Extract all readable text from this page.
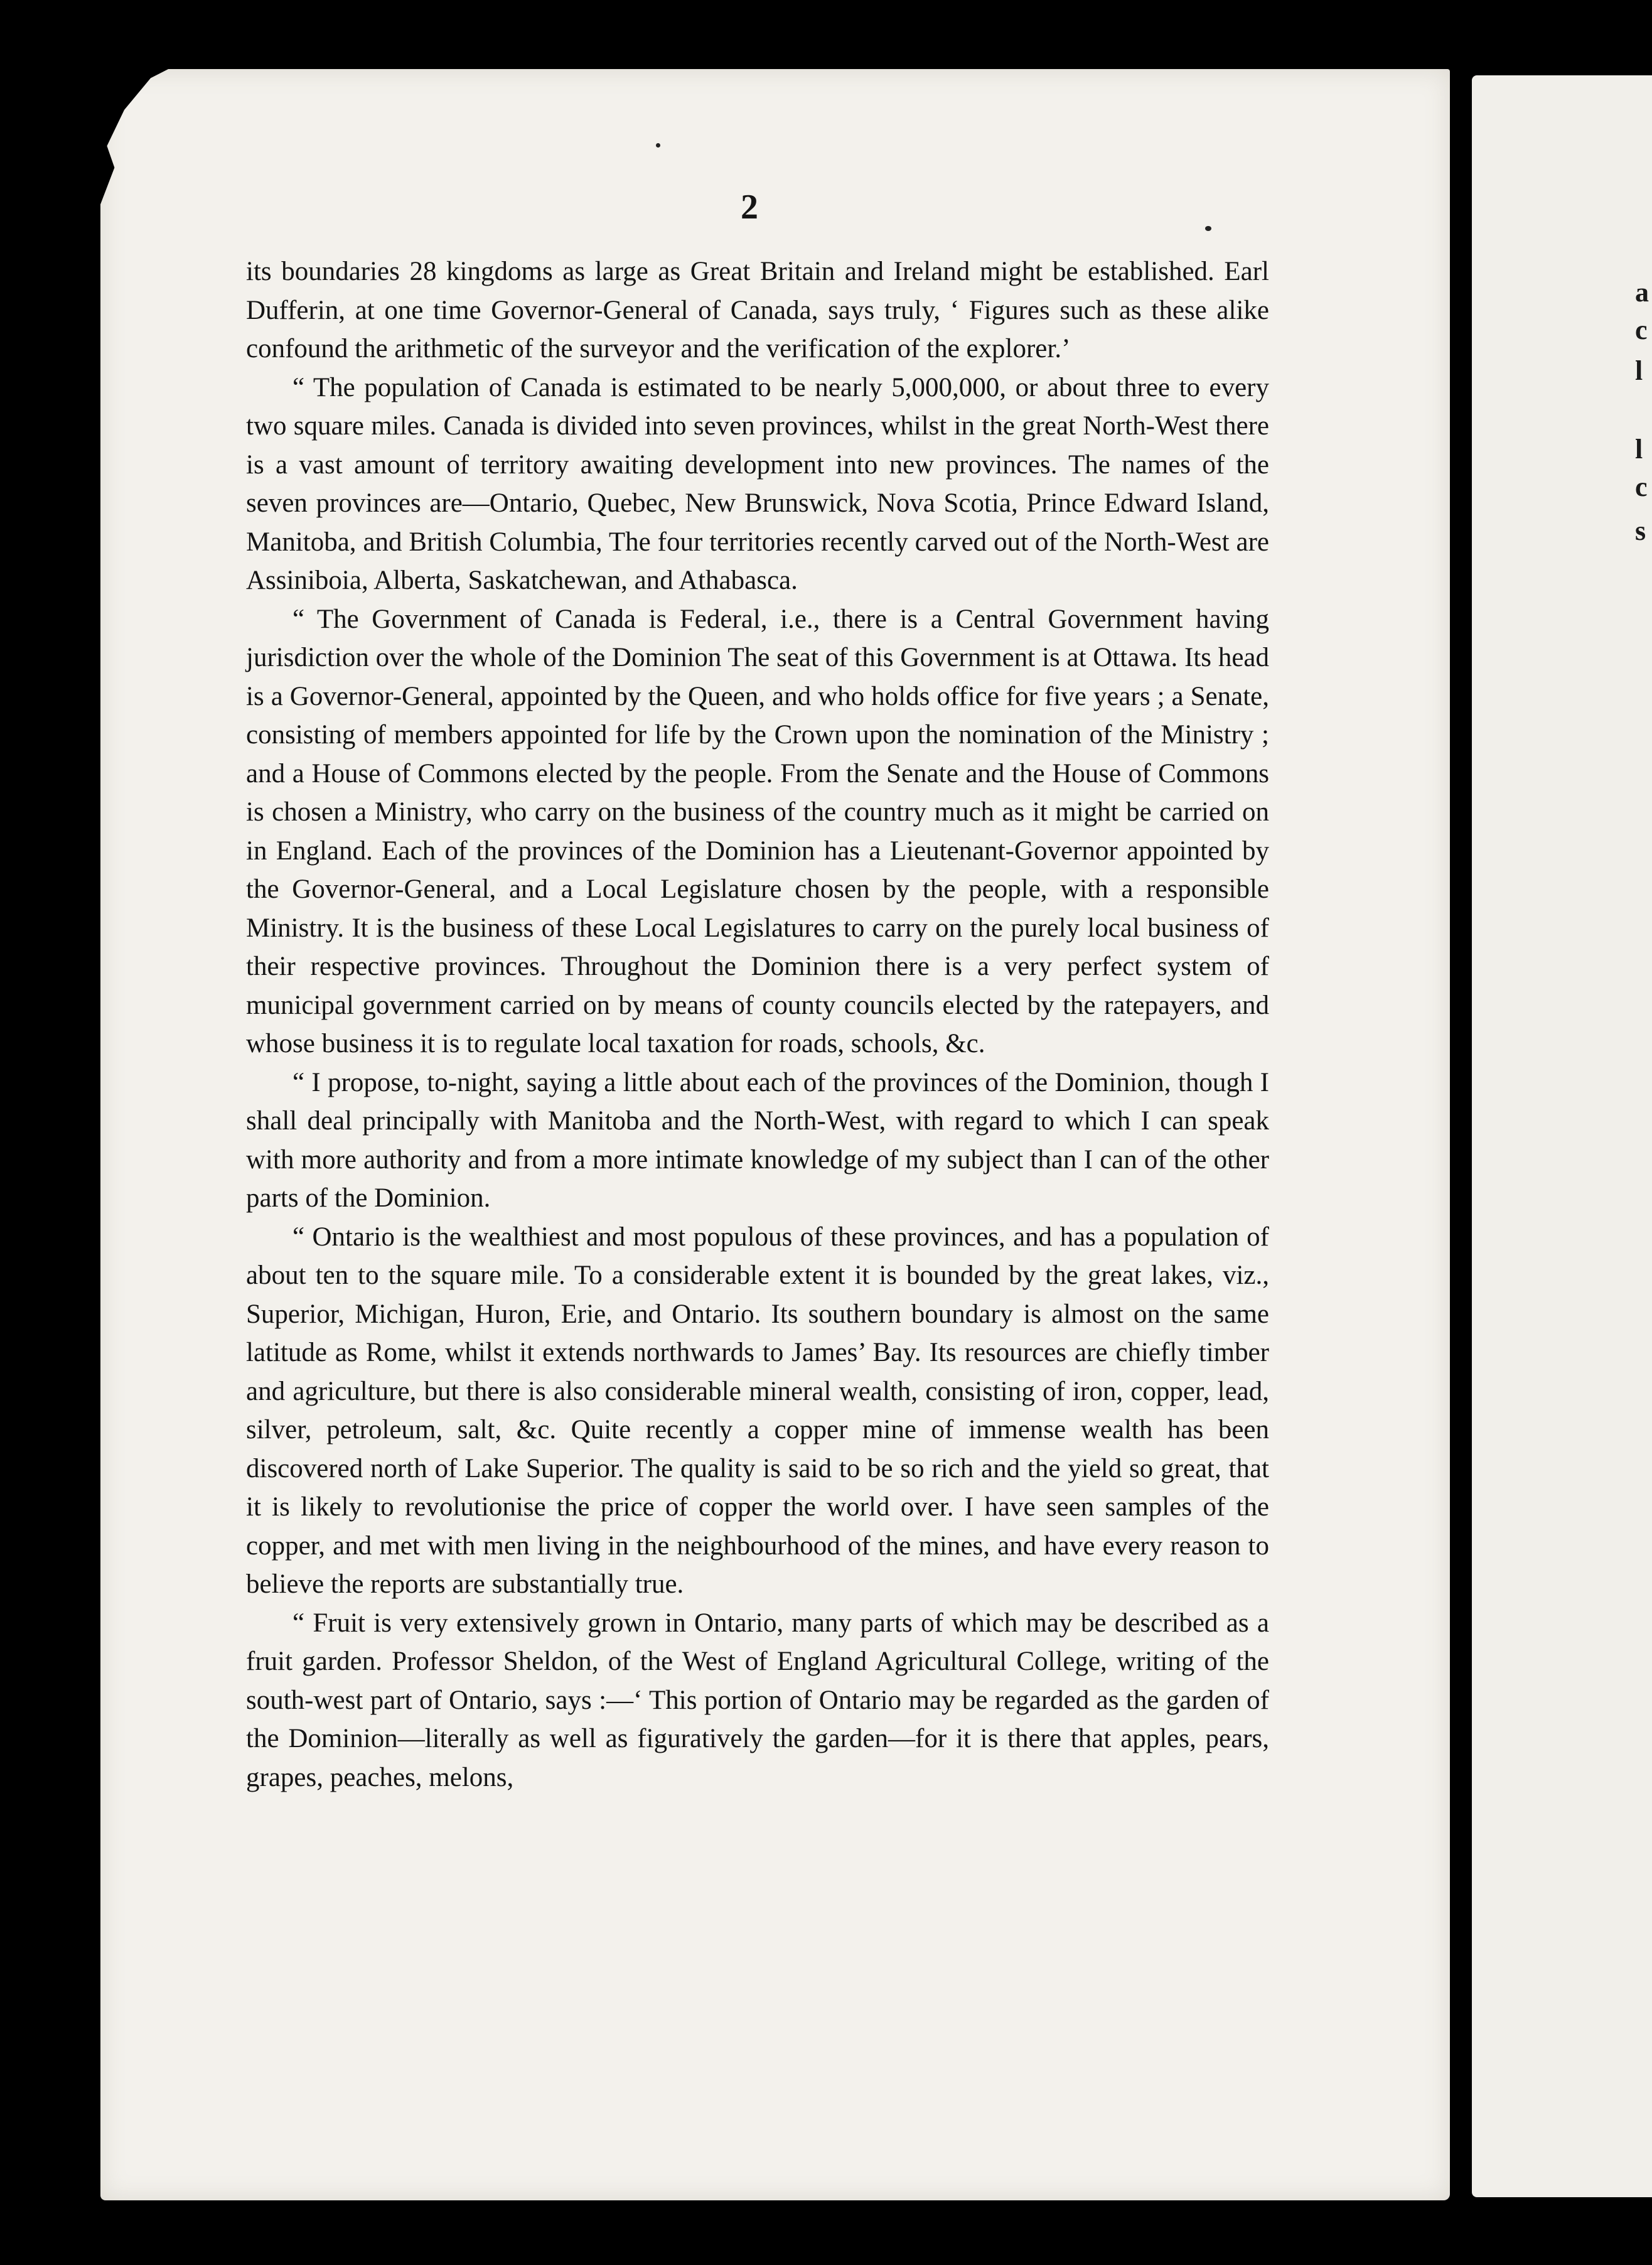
a
c
l
l
c
s
2

its boundaries 28 kingdoms as large as Great Britain and Ireland might be established. Earl Dufferin, at one time Governor-General of Canada, says truly, ‘ Figures such as these alike confound the arithmetic of the surveyor and the verification of the explorer.’

“ The population of Canada is estimated to be nearly 5,000,000, or about three to every two square miles. Canada is divided into seven provinces, whilst in the great North-West there is a vast amount of territory awaiting development into new provinces. The names of the seven provinces are—Ontario, Quebec, New Brunswick, Nova Scotia, Prince Edward Island, Manitoba, and British Columbia, The four territories recently carved out of the North-West are Assiniboia, Alberta, Saskatchewan, and Athabasca.

“ The Government of Canada is Federal, i.e., there is a Central Government having jurisdiction over the whole of the Dominion The seat of this Government is at Ottawa. Its head is a Governor-General, appointed by the Queen, and who holds office for five years ; a Senate, consisting of members appointed for life by the Crown upon the nomination of the Ministry ; and a House of Commons elected by the people. From the Senate and the House of Commons is chosen a Ministry, who carry on the business of the country much as it might be carried on in England. Each of the provinces of the Dominion has a Lieutenant-Governor appointed by the Governor-General, and a Local Legislature chosen by the people, with a responsible Ministry. It is the business of these Local Legislatures to carry on the purely local business of their respective provinces. Throughout the Dominion there is a very perfect system of municipal government carried on by means of county councils elected by the ratepayers, and whose business it is to regulate local taxation for roads, schools, &c.

“ I propose, to-night, saying a little about each of the provinces of the Dominion, though I shall deal principally with Manitoba and the North-West, with regard to which I can speak with more authority and from a more intimate knowledge of my subject than I can of the other parts of the Dominion.

“ Ontario is the wealthiest and most populous of these provinces, and has a population of about ten to the square mile. To a considerable extent it is bounded by the great lakes, viz., Superior, Michigan, Huron, Erie, and Ontario. Its southern boundary is almost on the same latitude as Rome, whilst it extends northwards to James’ Bay. Its resources are chiefly timber and agriculture, but there is also considerable mineral wealth, consisting of iron, copper, lead, silver, petroleum, salt, &c. Quite recently a copper mine of immense wealth has been discovered north of Lake Superior. The quality is said to be so rich and the yield so great, that it is likely to revolutionise the price of copper the world over. I have seen samples of the copper, and met with men living in the neighbourhood of the mines, and have every reason to believe the reports are substantially true.

“ Fruit is very extensively grown in Ontario, many parts of which may be described as a fruit garden. Professor Sheldon, of the West of England Agricultural College, writing of the south-west part of Ontario, says :—‘ This portion of Ontario may be regarded as the garden of the Dominion—literally as well as figuratively the garden—for it is there that apples, pears, grapes, peaches, melons,
